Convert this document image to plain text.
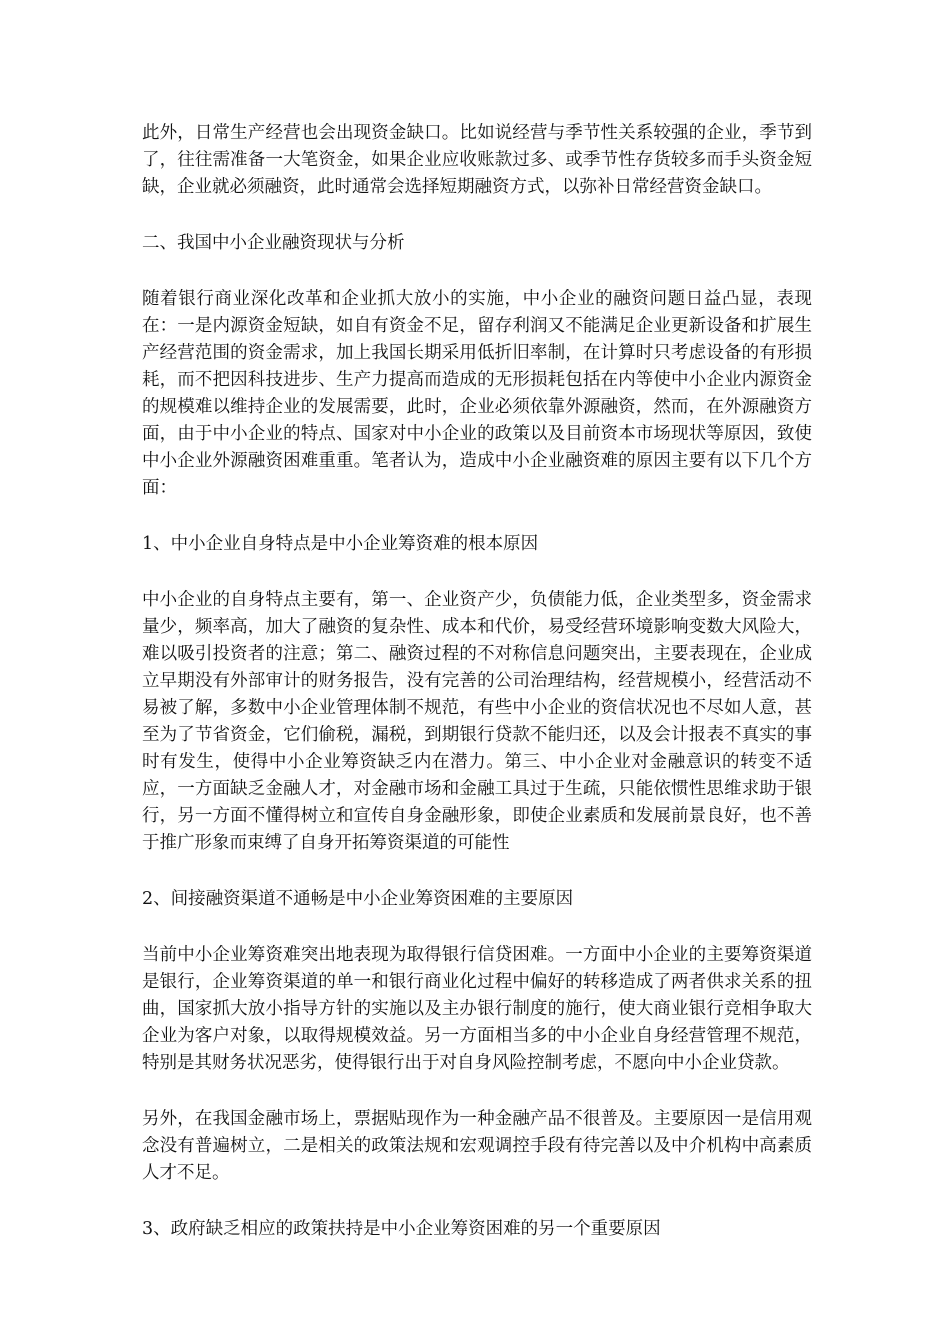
此外，日常生产经营也会出现资金缺口。比如说经营与季节性关系较强的企业，季节到了，往往需准备一大笔资金，如果企业应收账款过多、或季节性存货较多而手头资金短缺，企业就必须融资，此时通常会选择短期融资方式，以弥补日常经营资金缺口。

二、我国中小企业融资现状与分析

随着银行商业深化改革和企业抓大放小的实施，中小企业的融资问题日益凸显，表现在：一是内源资金短缺，如自有资金不足，留存利润又不能满足企业更新设备和扩展生产经营范围的资金需求，加上我国长期采用低折旧率制，在计算时只考虑设备的有形损耗，而不把因科技进步、生产力提高而造成的无形损耗包括在内等使中小企业内源资金的规模难以维持企业的发展需要，此时，企业必须依靠外源融资，然而，在外源融资方面，由于中小企业的特点、国家对中小企业的政策以及目前资本市场现状等原因，致使中小企业外源融资困难重重。笔者认为，造成中小企业融资难的原因主要有以下几个方面：

1、中小企业自身特点是中小企业筹资难的根本原因

中小企业的自身特点主要有，第一、企业资产少，负债能力低，企业类型多，资金需求量少，频率高，加大了融资的复杂性、成本和代价，易受经营环境影响变数大风险大，难以吸引投资者的注意；第二、融资过程的不对称信息问题突出，主要表现在，企业成立早期没有外部审计的财务报告，没有完善的公司治理结构，经营规模小，经营活动不易被了解，多数中小企业管理体制不规范，有些中小企业的资信状况也不尽如人意，甚至为了节省资金，它们偷税，漏税，到期银行贷款不能归还，以及会计报表不真实的事时有发生，使得中小企业筹资缺乏内在潜力。第三、中小企业对金融意识的转变不适应，一方面缺乏金融人才，对金融市场和金融工具过于生疏，只能依惯性思维求助于银行，另一方面不懂得树立和宣传自身金融形象，即使企业素质和发展前景良好，也不善于推广形象而束缚了自身开拓筹资渠道的可能性

2、间接融资渠道不通畅是中小企业筹资困难的主要原因

当前中小企业筹资难突出地表现为取得银行信贷困难。一方面中小企业的主要筹资渠道是银行，企业筹资渠道的单一和银行商业化过程中偏好的转移造成了两者供求关系的扭曲，国家抓大放小指导方针的实施以及主办银行制度的施行，使大商业银行竞相争取大企业为客户对象，以取得规模效益。另一方面相当多的中小企业自身经营管理不规范，特别是其财务状况恶劣，使得银行出于对自身风险控制考虑，不愿向中小企业贷款。

另外，在我国金融市场上，票据贴现作为一种金融产品不很普及。主要原因一是信用观念没有普遍树立，二是相关的政策法规和宏观调控手段有待完善以及中介机构中高素质人才不足。

3、政府缺乏相应的政策扶持是中小企业筹资困难的另一个重要原因
